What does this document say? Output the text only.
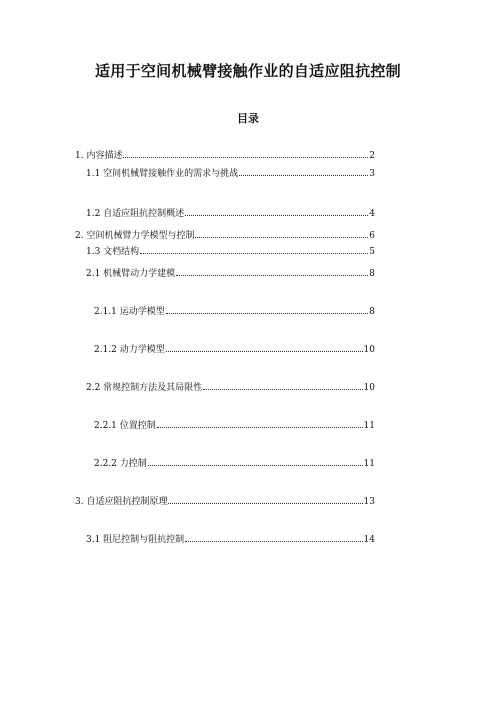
适用于空间机械臂接触作业的自适应阻抗控制
目录
1. 内容描述	2
1.1 空间机械臂接触作业的需求与挑战	3
1.2 自适应阻抗控制概述	4
1.3 文档结构	5
2. 空间机械臂力学模型与控制	6
2.1 机械臂动力学建模	8
2.1.1 运动学模型	8
2.1.2 动力学模型	10
2.2 常规控制方法及其局限性	10
2.2.1 位置控制	11
2.2.2 力控制	11
3. 自适应阻抗控制原理	13
3.1 阻尼控制与阻抗控制	14
